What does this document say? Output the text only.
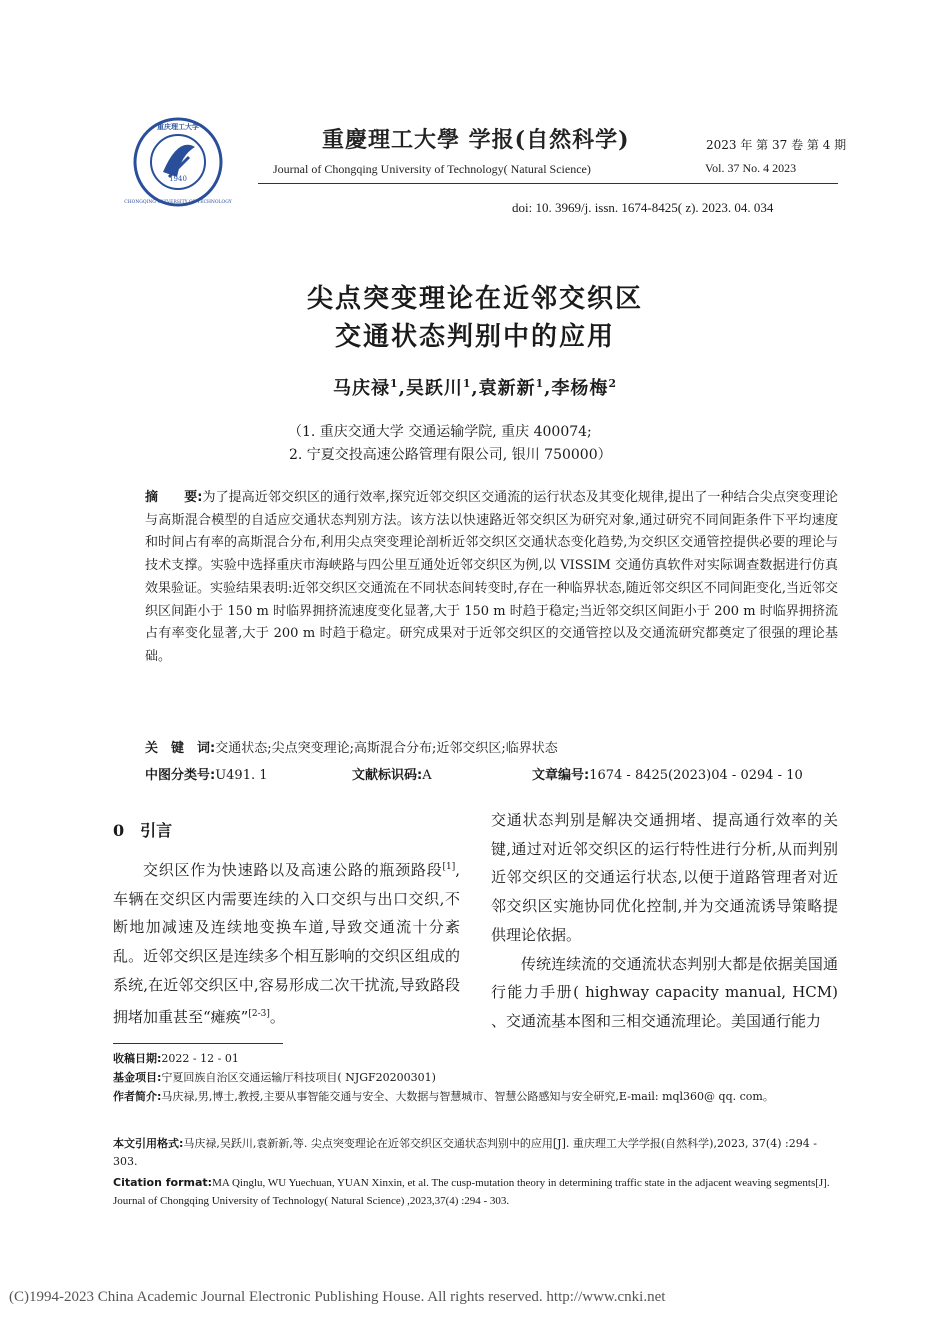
1940
重庆理工大学
CHONGQING UNIVERSITY OF TECHNOLOGY
重慶理工大學 学报(自然科学)
Journal of Chongqing University of Technology( Natural Science)
2023 年 第 37 卷 第 4 期
Vol. 37 No. 4 2023
doi: 10. 3969/j. issn. 1674-8425( z). 2023. 04. 034
尖点突变理论在近邻交织区
交通状态判别中的应用
马庆禄$^1$,吴跃川$^1$,袁新新$^1$,李杨梅$^2$
（1. 重庆交通大学 交通运输学院, 重庆 400074;
2. 宁夏交投高速公路管理有限公司, 银川 750000）
摘　　要:为了提高近邻交织区的通行效率,探究近邻交织区交通流的运行状态及其变化规律,提出了一种结合尖点突变理论与高斯混合模型的自适应交通状态判别方法。该方法以快速路近邻交织区为研究对象,通过研究不同间距条件下平均速度和时间占有率的高斯混合分布,利用尖点突变理论剖析近邻交织区交通状态变化趋势,为交织区交通管控提供必要的理论与技术支撑。实验中选择重庆市海峡路与四公里互通处近邻交织区为例,以 VISSIM 交通仿真软件对实际调查数据进行仿真效果验证。实验结果表明:近邻交织区交通流在不同状态间转变时,存在一种临界状态,随近邻交织区不同间距变化,当近邻交织区间距小于 150 m 时临界拥挤流速度变化显著,大于 150 m 时趋于稳定;当近邻交织区间距小于 200 m 时临界拥挤流占有率变化显著,大于 200 m 时趋于稳定。研究成果对于近邻交织区的交通管控以及交通流研究都奠定了很强的理论基础。
关　键　词:交通状态;尖点突变理论;高斯混合分布;近邻交织区;临界状态
中图分类号:U491. 1	文献标识码:A	文章编号:1674 - 8425(2023)04 - 0294 - 10
0　引言

交织区作为快速路以及高速公路的瓶颈路段[1],车辆在交织区内需要连续的入口交织与出口交织,不断地加减速及连续地变换车道,导致交通流十分紊乱。近邻交织区是连续多个相互影响的交织区组成的系统,在近邻交织区中,容易形成二次干扰流,导致路段拥堵加重甚至“瘫痪”[2-3]。

交通状态判别是解决交通拥堵、提高通行效率的关键,通过对近邻交织区的运行特性进行分析,从而判别近邻交织区的交通运行状态,以便于道路管理者对近邻交织区实施协同优化控制,并为交通流诱导策略提供理论依据。

传统连续流的交通流状态判别大都是依据美国通行能力手册( highway capacity manual, HCM) 、交通流基本图和三相交通流理论。美国通行能力

收稿日期:2022 - 12 - 01
基金项目:宁夏回族自治区交通运输厅科技项目( NJGF20200301)
作者简介:马庆禄,男,博士,教授,主要从事智能交通与安全、大数据与智慧城市、智慧公路感知与安全研究,E-mail: mql360@ qq. com。
本文引用格式:马庆禄,吴跃川,袁新新,等. 尖点突变理论在近邻交织区交通状态判别中的应用[J]. 重庆理工大学学报(自然科学),2023, 37(4) :294 - 303.
Citation format:MA Qinglu, WU Yuechuan, YUAN Xinxin, et al. The cusp-mutation theory in determining traffic state in the adjacent weaving segments[J]. Journal of Chongqing University of Technology( Natural Science) ,2023,37(4) :294 - 303.
(C)1994-2023 China Academic Journal Electronic Publishing House. All rights reserved. http://www.cnki.net
